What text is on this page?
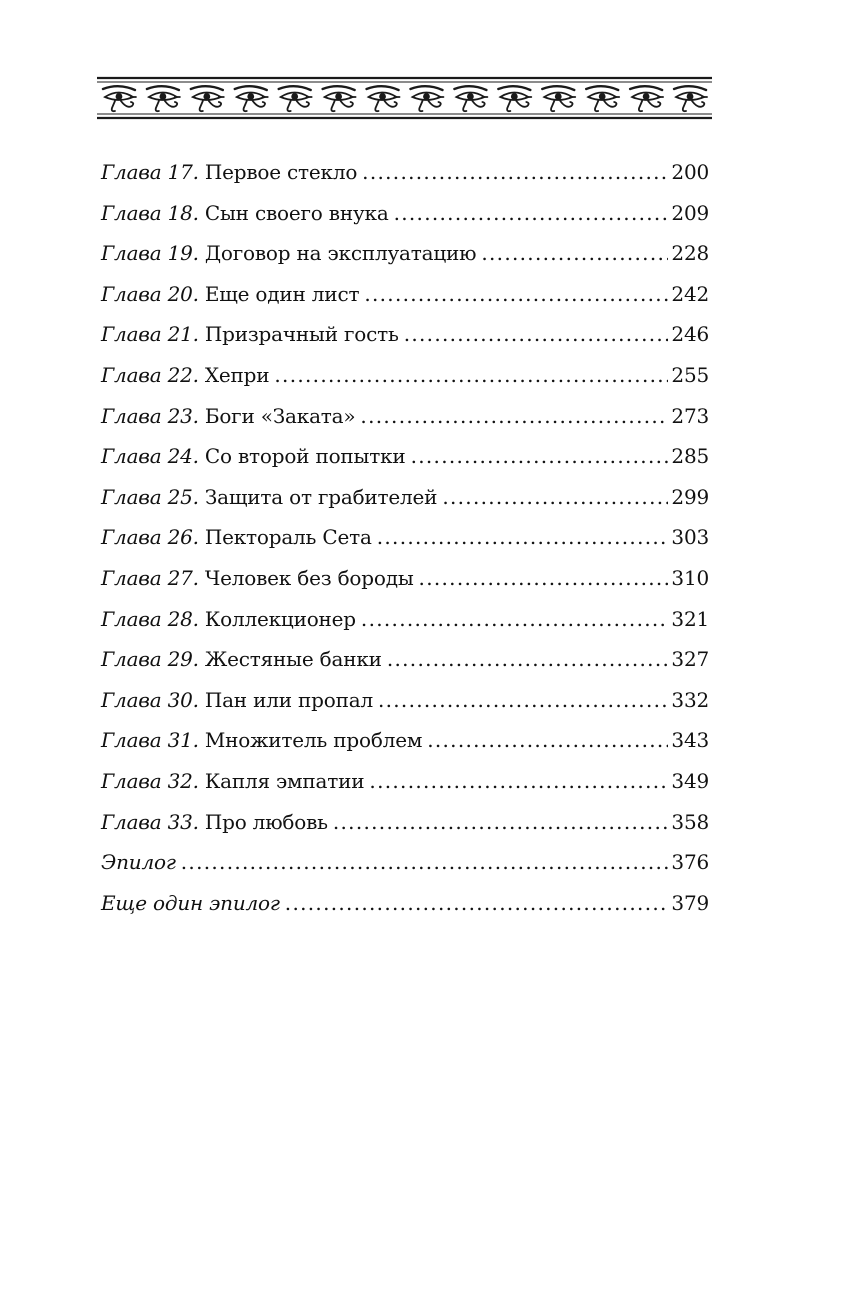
Глава 17. Первое стекло .....	200
Глава 18. Сын своего внука .....	209
Глава 19. Договор на эксплуатацию .....	228
Глава 20. Еще один лист .....	242
Глава 21. Призрачный гость .....	246
Глава 22. Хепри .....	255
Глава 23. Боги «Заката» .....	273
Глава 24. Со второй попытки .....	285
Глава 25. Защита от грабителей .....	299
Глава 26. Пектораль Сета .....	303
Глава 27. Человек без бороды .....	310
Глава 28. Коллекционер .....	321
Глава 29. Жестяные банки .....	327
Глава 30. Пан или пропал .....	332
Глава 31. Множитель проблем .....	343
Глава 32. Капля эмпатии .....	349
Глава 33. Про любовь .....	358
Эпилог .....	376
Еще один эпилог .....	379
